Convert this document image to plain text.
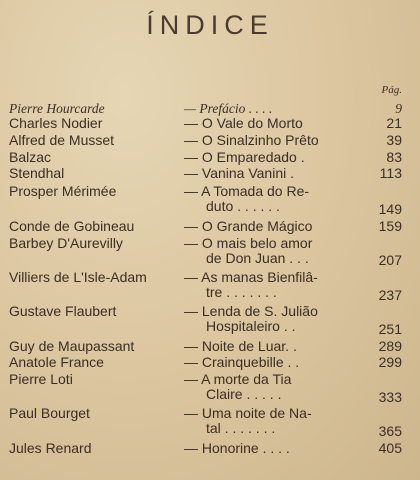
ÍNDICE
Pág.
Pierre Hourcarde	— Prefácio . . . .	9
Charles Nodier	— O Vale do Morto	21
Alfred de Musset	— O Sinalzinho Prêto	39
Balzac	— O Emparedado .	83
Stendhal	— Vanina Vanini .	113
Prosper Mérimée	— A Tomada do Re-
duto . . . . . .	149
Conde de Gobineau	— O Grande Mágico	159
Barbey D'Aurevilly	— O mais belo amor
de Don Juan . . .	207
Villiers de L'Isle-Adam	— As manas Bienfilâ-
tre . . . . . . .	237
Gustave Flaubert	— Lenda de S. Julião
Hospitaleiro . .	251
Guy de Maupassant	— Noite de Luar. .	289
Anatole France	— Crainquebille . .	299
Pierre Loti	— A morte da Tia
Claire . . . . .	333
Paul Bourget	— Uma noite de Na-
tal . . . . . . .	365
Jules Renard	— Honorine . . . .	405
